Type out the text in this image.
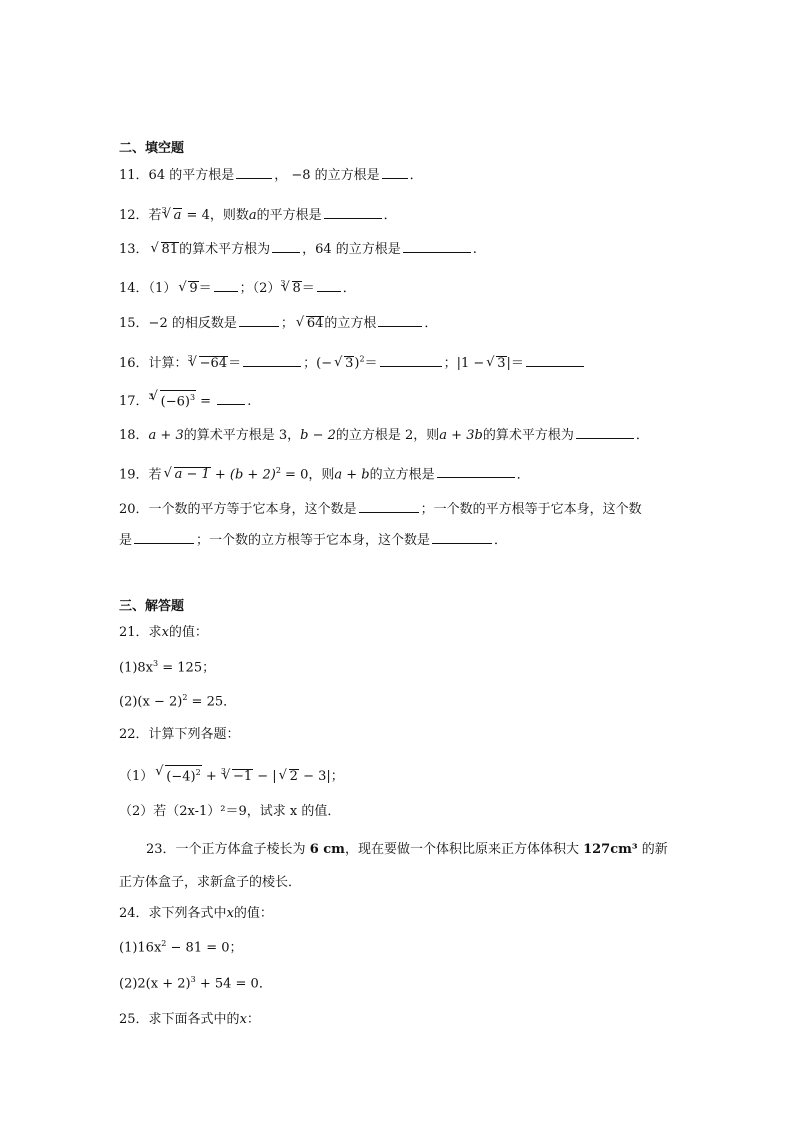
二、填空题
11．64 的平方根是	， −8 的立方根是 ．
12．若$^3$√ a = 4，则数a的平方根是	．
13．√ 81的算术平方根为 ，64 的立方根是	.
14．（1）√ 9＝ ；$(2)^3√$ 8＝ ．
15．−2 的相反数是	；√ 64的立方根	．
16．计算：$^3$√ −64＝	；(−√ 3)$^2$＝	；|1 −√ 3|＝
17．$^3$√ $(-6)^3$ = .
18．a + 3的算术平方根是 3，b − 2的立方根是 2，则a + 3b的算术平方根为	．
19．若√ $a - 1 + (b + 2)^2 = 0$，则a + b的立方根是	．
20．一个数的平方等于它本身，这个数是	；一个数的平方根等于它本身，这个数
是	；一个数的立方根等于它本身，这个数是	．
三、解答题
21．求x的值：
$(1)8x^3 = 125$；
$(2)(x - 2)^2 = 25$．
22．计算下列各题：
（1）√ $(-4)^2 + ^3√ -1$ − |√ 2 − 3|；
（2）若（2x-1）²＝9，试求 x 的值．
23．一个正方体盒子棱长为 6 cm，现在要做一个体积比原来正方体体积大 127cm³ 的新
正方体盒子，求新盒子的棱长．
24．求下列各式中x的值：
$(1)16x^2 - 81 = 0$；
$(2)2(x + 2)^3 + 54 = 0$．
25．求下面各式中的x：
